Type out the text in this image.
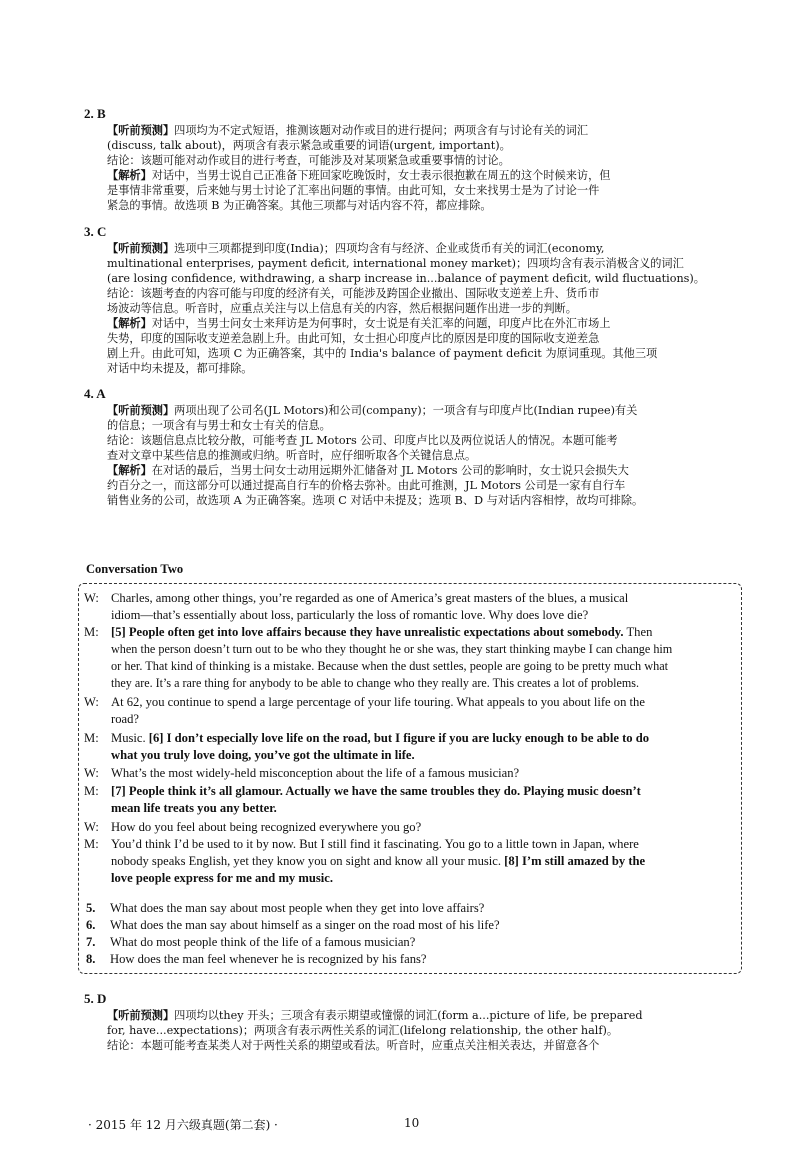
2. B
【听前预测】四项均为不定式短语，推测该题对动作或目的进行提问；两项含有与讨论有关的词汇
(discuss, talk about)，两项含有表示紧急或重要的词语(urgent, important)。
结论：该题可能对动作或目的进行考查，可能涉及对某项紧急或重要事情的讨论。
【解析】对话中，当男士说自己正准备下班回家吃晚饭时，女士表示很抱歉在周五的这个时候来访，但
是事情非常重要，后来她与男士讨论了汇率出问题的事情。由此可知，女士来找男士是为了讨论一件
紧急的事情。故选项 B 为正确答案。其他三项都与对话内容不符，都应排除。
3. C
【听前预测】选项中三项都提到印度(India)；四项均含有与经济、企业或货币有关的词汇(economy,
multinational enterprises, payment deficit, international money market)；四项均含有表示消极含义的词汇
(are losing confidence, withdrawing, a sharp increase in...balance of payment deficit, wild fluctuations)。
结论：该题考查的内容可能与印度的经济有关，可能涉及跨国企业撤出、国际收支逆差上升、货币市
场波动等信息。听音时，应重点关注与以上信息有关的内容，然后根据问题作出进一步的判断。
【解析】对话中，当男士问女士来拜访是为何事时，女士说是有关汇率的问题，印度卢比在外汇市场上
失势，印度的国际收支逆差急剧上升。由此可知，女士担心印度卢比的原因是印度的国际收支逆差急
剧上升。由此可知，选项 C 为正确答案，其中的 India's balance of payment deficit 为原词重现。其他三项
对话中均未提及，都可排除。
4. A
【听前预测】两项出现了公司名(JL Motors)和公司(company)；一项含有与印度卢比(Indian rupee)有关
的信息；一项含有与男士和女士有关的信息。
结论：该题信息点比较分散，可能考查 JL Motors 公司、印度卢比以及两位说话人的情况。本题可能考
查对文章中某些信息的推测或归纳。听音时，应仔细听取各个关键信息点。
【解析】在对话的最后，当男士问女士动用远期外汇储备对 JL Motors 公司的影响时，女士说只会损失大
约百分之一，而这部分可以通过提高自行车的价格去弥补。由此可推测，JL Motors 公司是一家有自行车
销售业务的公司，故选项 A 为正确答案。选项 C 对话中未提及；选项 B、D 与对话内容相悖，故均可排除。
Conversation Two
W: Charles, among other things, you’re regarded as one of America’s great masters of the blues, a musical
idiom—that’s essentially about loss, particularly the loss of romantic love. Why does love die?
M: [5] People often get into love affairs because they have unrealistic expectations about somebody. Then
when the person doesn’t turn out to be who they thought he or she was, they start thinking maybe I can change him
or her. That kind of thinking is a mistake. Because when the dust settles, people are going to be pretty much what
they are. It’s a rare thing for anybody to be able to change who they really are. This creates a lot of problems.
W: At 62, you continue to spend a large percentage of your life touring. What appeals to you about life on the
road?
M: Music. [6] I don’t especially love life on the road, but I figure if you are lucky enough to be able to do
what you truly love doing, you’ve got the ultimate in life.
W: What’s the most widely-held misconception about the life of a famous musician?
M: [7] People think it’s all glamour. Actually we have the same troubles they do. Playing music doesn’t
mean life treats you any better.
W: How do you feel about being recognized everywhere you go?
M: You’d think I’d be used to it by now. But I still find it fascinating. You go to a little town in Japan, where
nobody speaks English, yet they know you on sight and know all your music. [8] I’m still amazed by the
love people express for me and my music.
5. What does the man say about most people when they get into love affairs?
6. What does the man say about himself as a singer on the road most of his life?
7. What do most people think of the life of a famous musician?
8. How does the man feel whenever he is recognized by his fans?
5. D
【听前预测】四项均以they 开头；三项含有表示期望或憧憬的词汇(form a...picture of life, be prepared
for, have...expectations)；两项含有表示两性关系的词汇(lifelong relationship, the other half)。
结论：本题可能考查某类人对于两性关系的期望或看法。听音时，应重点关注相关表达，并留意各个
· 2015 年 12 月六级真题(第二套) ·	10
